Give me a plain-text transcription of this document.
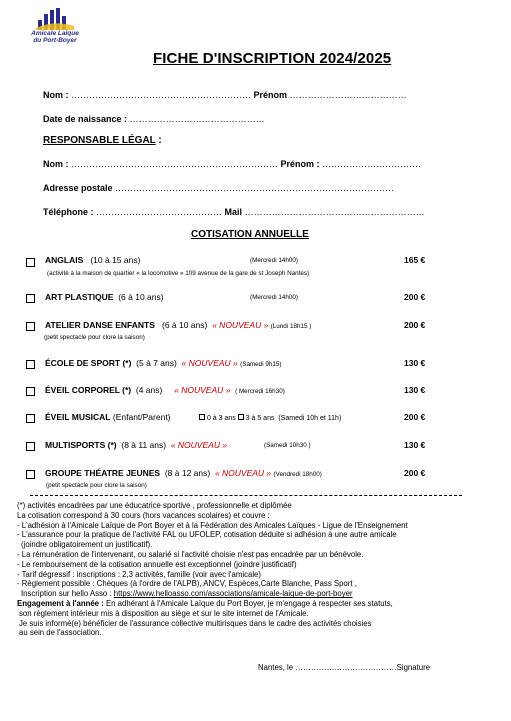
Amicale Laïque
du Port-Boyer
FICHE D'INSCRIPTION 2024/2025
Nom : …………………………………………………… Prénom …………………………………
Date de naissance : ………………………………………
RESPONSABLE LÉGAL :
Nom : …………………………………………………………… Prénom : ……………………………
Adresse postale …………………………………………………………………………………
Téléphone : …………………………………… Mail ……………………………………………………
COTISATION ANNUELLE
ANGLAIS (10 à 15 ans)	(Mercredi 14h00)	165 €
(activité à la maison de quartier « la locomotive » 109 avenue de la gare de st Joseph Nantes)
ART PLASTIQUE (6 à 10 ans)	(Mercredi 14h00)	200 €
ATELIER DANSE ENFANTS (6 à 10 ans) « NOUVEAU » (Lundi 18h15 )	200 €
(petit spectacle pour clore la saison)
ÉCOLE DE SPORT (*) (5 à 7 ans) « NOUVEAU » (Samedi 9h15)	130 €
ÉVEIL CORPOREL (*) (4 ans) « NOUVEAU » ( Mercredi 16h30)	130 €
ÉVEIL MUSICAL (Enfant/Parent)	0 à 3 ans 3 à 5 ans (Samedi 10h et 11h)	200 €
MULTISPORTS (*) (8 à 11 ans) « NOUVEAU »	(Samedi 10h30 )	130 €
GROUPE THÉATRE JEUNES (8 à 12 ans) « NOUVEAU » (Vendredi 18h00)	200 €
(petit spectacle pour clore la saison)
(*) activités encadrées par une éducatrice sportive , professionnelle et diplômée
La cotisation correspond à 30 cours (hors vacances scolaires) et couvre :
- L'adhésion à l'Amicale Laïque de Port Boyer et à la Fédération des Amicales Laïques - Ligue de l'Enseignement
- L'assurance pour la pratique de l'activité FAL ou UFOLEP, cotisation déduite si adhésion à une autre amicale
(joindre obligatoirement un justificatif).
- La rémunération de l'intervenant, ou salarié si l'activité choisie n'est pas encadrée par un bénévole.
- Le remboursement de la cotisation annuelle est exceptionnel (joindre justificatif)
- Tarif dégressif : inscriptions : 2,3 activités, famille (voir avec l'amicale)
- Règlement possible : Chèques (à l'ordre de l'ALPB), ANCV, Espèces,Carte Blanche, Pass Sport ,
Inscription sur hello Asso : https://www.helloasso.com/associations/amicale-laique-de-port-boyer
Engagement à l'année : En adhérant à l'Amicale Laïque du Port Boyer, je m'engage à respecter ses statuts,
son règlement intérieur mis à disposition au siège et sur le site internet de l'Amicale.
Je suis informé(e) bénéficier de l'assurance collective multirisques dans le cadre des activités choisies
au sein de l'association.
Nantes, le …………………………………Signature
